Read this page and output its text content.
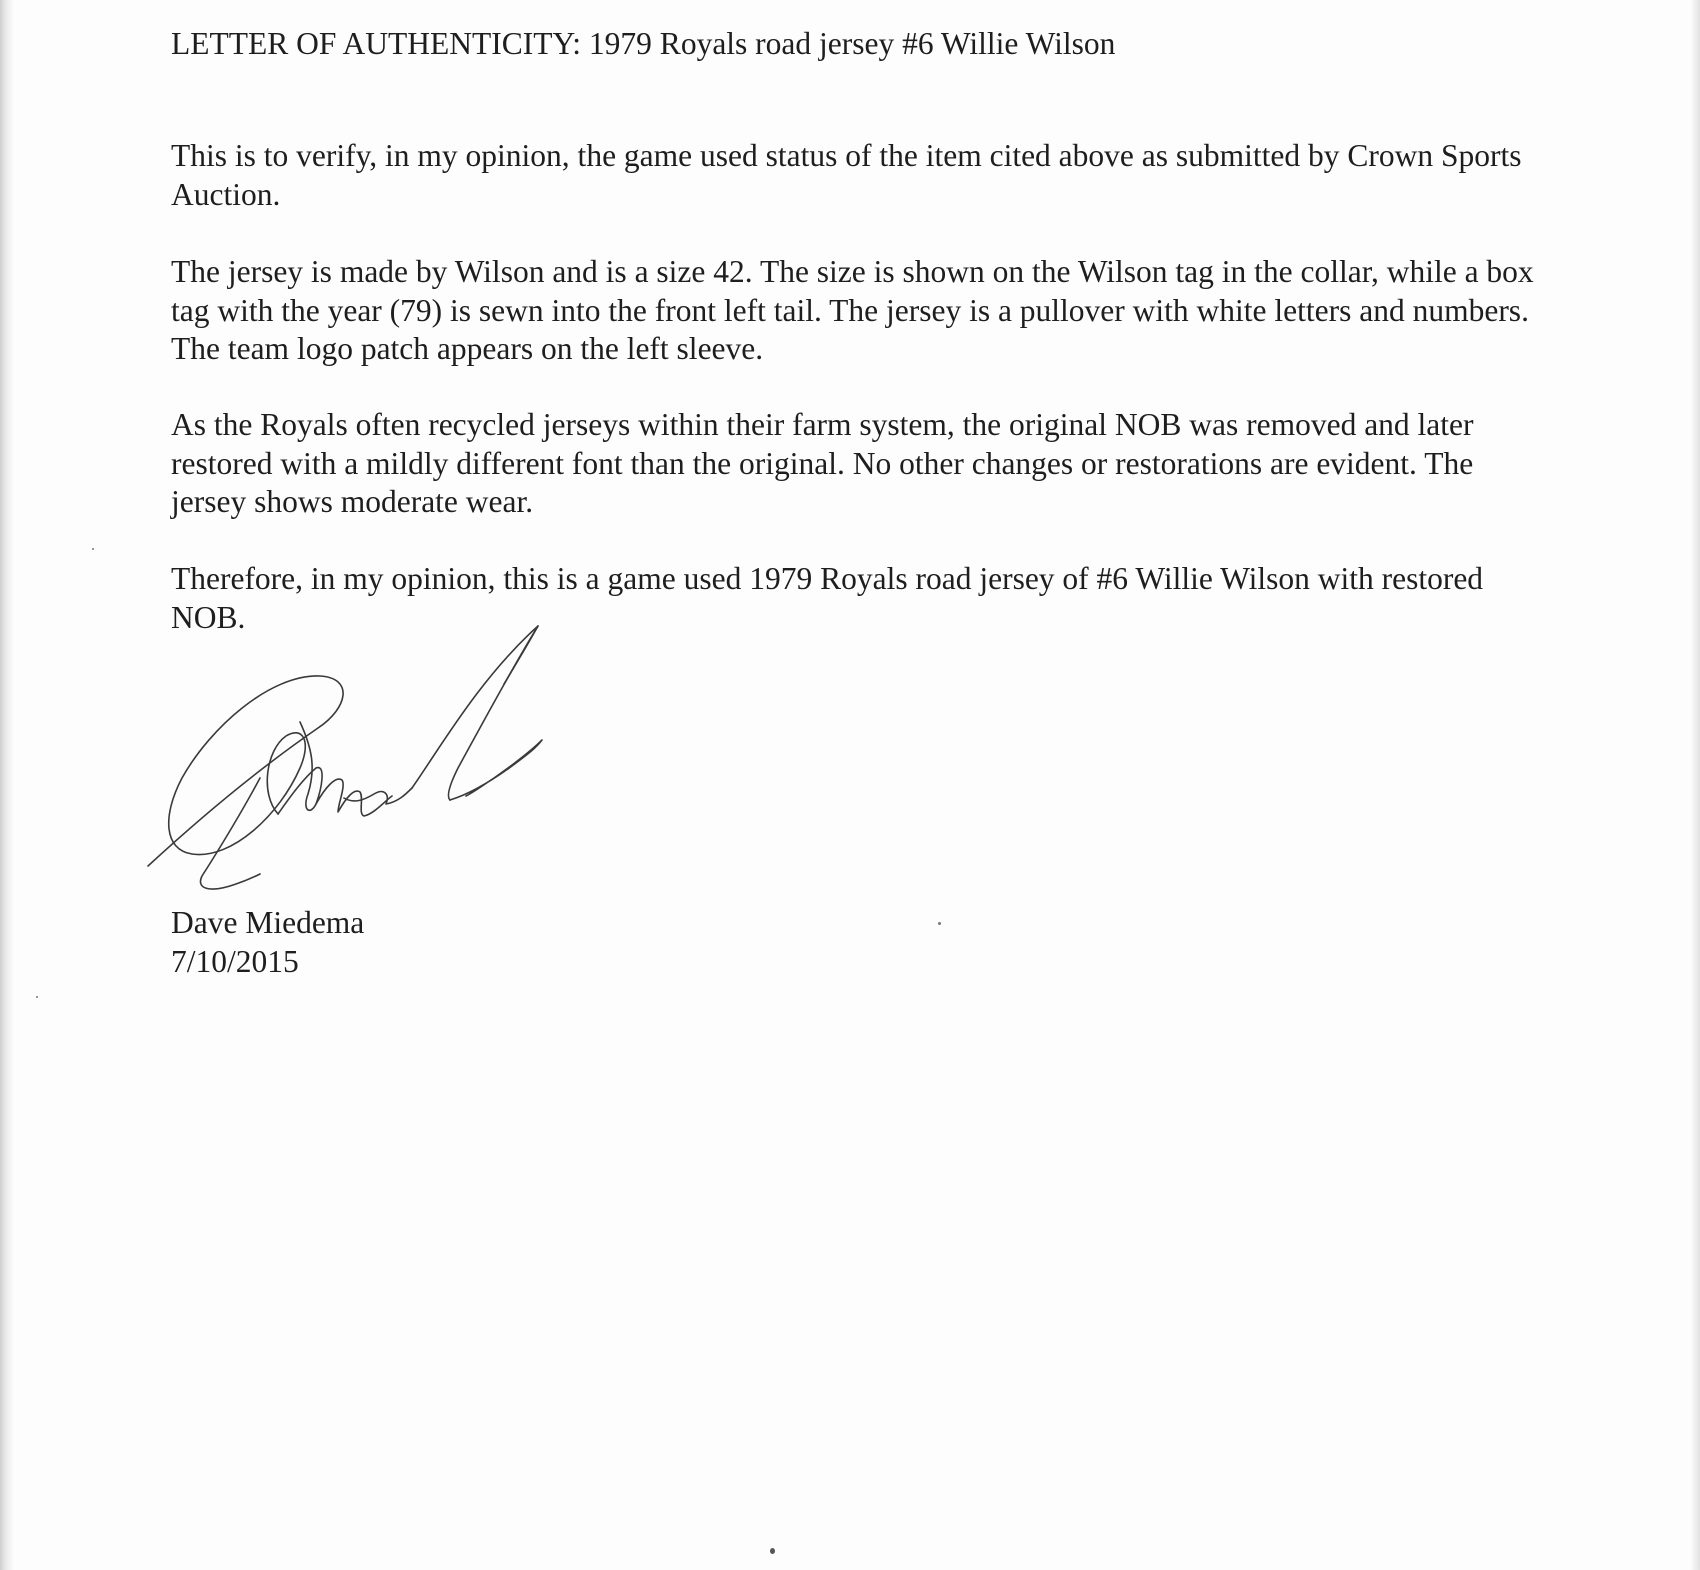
LETTER OF AUTHENTICITY: 1979 Royals road jersey #6 Willie Wilson

This is to verify, in my opinion, the game used status of the item cited above as submitted by Crown Sports Auction.

The jersey is made by Wilson and is a size 42. The size is shown on the Wilson tag in the collar, while a box tag with the year (79) is sewn into the front left tail. The jersey is a pullover with white letters and numbers. The team logo patch appears on the left sleeve.

As the Royals often recycled jerseys within their farm system, the original NOB was removed and later restored with a mildly different font than the original. No other changes or restorations are evident. The jersey shows moderate wear.

Therefore, in my opinion, this is a game used 1979 Royals road jersey of #6 Willie Wilson with restored NOB.

Dave Miedema

7/10/2015
